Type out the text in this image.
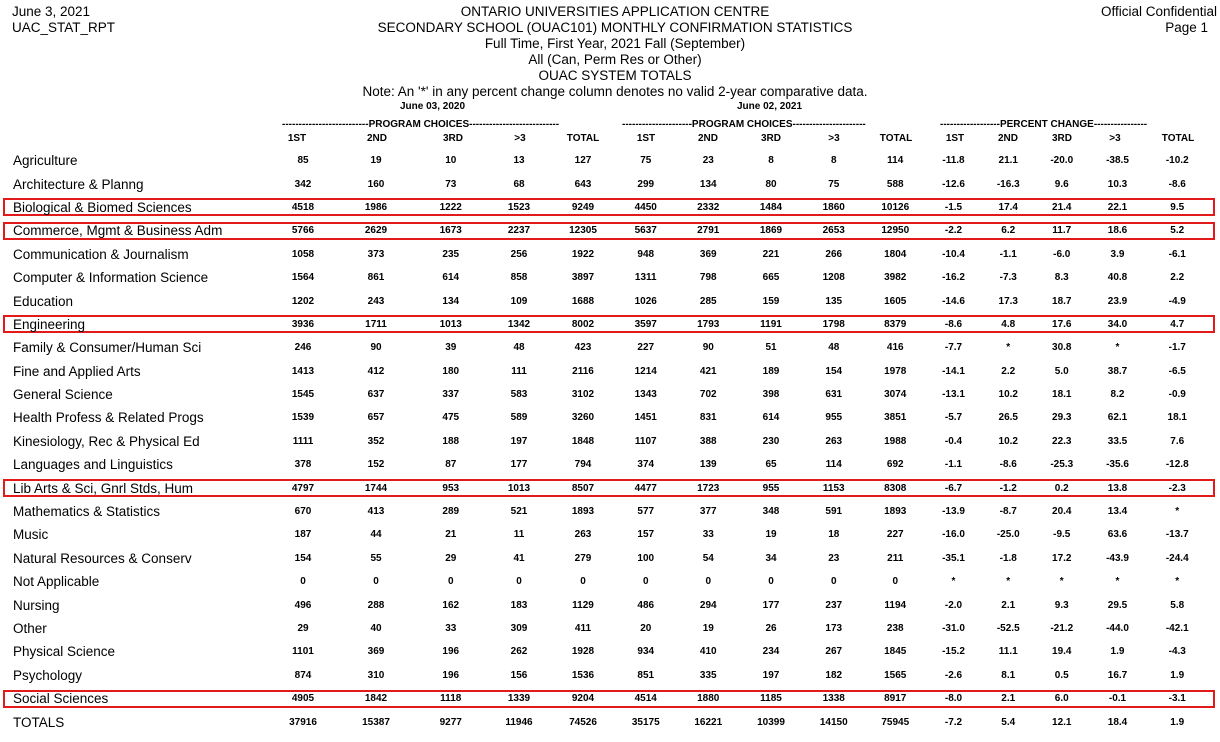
June 3, 2021
UAC_STAT_RPT
Official Confidential
Page 1
ONTARIO UNIVERSITIES APPLICATION CENTRE
SECONDARY SCHOOL (OUAC101) MONTHLY CONFIRMATION STATISTICS
Full Time, First Year, 2021 Fall (September)
All (Can, Perm Res or Other)
OUAC SYSTEM TOTALS
Note: An '*' in any percent change column denotes no valid 2-year comparative data.
June 03, 2020	June 02, 2021
--------------------------PROGRAM CHOICES---------------------------	---------------------PROGRAM CHOICES----------------------	------------------PERCENT CHANGE----------------
1ST	2ND	3RD	>3	TOTAL	1ST	2ND	3RD	>3	TOTAL	1ST	2ND	3RD	>3	TOTAL
Agriculture	85	19	10	13	127	75	23	8	8	114	-11.8	21.1	-20.0	-38.5	-10.2
Architecture & Planng	342	160	73	68	643	299	134	80	75	588	-12.6	-16.3	9.6	10.3	-8.6
Biological & Biomed Sciences	4518	1986	1222	1523	9249	4450	2332	1484	1860	10126	-1.5	17.4	21.4	22.1	9.5
Commerce, Mgmt & Business Adm	5766	2629	1673	2237	12305	5637	2791	1869	2653	12950	-2.2	6.2	11.7	18.6	5.2
Communication & Journalism	1058	373	235	256	1922	948	369	221	266	1804	-10.4	-1.1	-6.0	3.9	-6.1
Computer & Information Science	1564	861	614	858	3897	1311	798	665	1208	3982	-16.2	-7.3	8.3	40.8	2.2
Education	1202	243	134	109	1688	1026	285	159	135	1605	-14.6	17.3	18.7	23.9	-4.9
Engineering	3936	1711	1013	1342	8002	3597	1793	1191	1798	8379	-8.6	4.8	17.6	34.0	4.7
Family & Consumer/Human Sci	246	90	39	48	423	227	90	51	48	416	-7.7	*	30.8	*	-1.7
Fine and Applied Arts	1413	412	180	111	2116	1214	421	189	154	1978	-14.1	2.2	5.0	38.7	-6.5
General Science	1545	637	337	583	3102	1343	702	398	631	3074	-13.1	10.2	18.1	8.2	-0.9
Health Profess & Related Progs	1539	657	475	589	3260	1451	831	614	955	3851	-5.7	26.5	29.3	62.1	18.1
Kinesiology, Rec & Physical Ed	1111	352	188	197	1848	1107	388	230	263	1988	-0.4	10.2	22.3	33.5	7.6
Languages and Linguistics	378	152	87	177	794	374	139	65	114	692	-1.1	-8.6	-25.3	-35.6	-12.8
Lib Arts & Sci, Gnrl Stds, Hum	4797	1744	953	1013	8507	4477	1723	955	1153	8308	-6.7	-1.2	0.2	13.8	-2.3
Mathematics & Statistics	670	413	289	521	1893	577	377	348	591	1893	-13.9	-8.7	20.4	13.4	*
Music	187	44	21	11	263	157	33	19	18	227	-16.0	-25.0	-9.5	63.6	-13.7
Natural Resources & Conserv	154	55	29	41	279	100	54	34	23	211	-35.1	-1.8	17.2	-43.9	-24.4
Not Applicable	0	0	0	0	0	0	0	0	0	0	*	*	*	*	*
Nursing	496	288	162	183	1129	486	294	177	237	1194	-2.0	2.1	9.3	29.5	5.8
Other	29	40	33	309	411	20	19	26	173	238	-31.0	-52.5	-21.2	-44.0	-42.1
Physical Science	1101	369	196	262	1928	934	410	234	267	1845	-15.2	11.1	19.4	1.9	-4.3
Psychology	874	310	196	156	1536	851	335	197	182	1565	-2.6	8.1	0.5	16.7	1.9
Social Sciences	4905	1842	1118	1339	9204	4514	1880	1185	1338	8917	-8.0	2.1	6.0	-0.1	-3.1
TOTALS	37916	15387	9277	11946	74526	35175	16221	10399	14150	75945	-7.2	5.4	12.1	18.4	1.9
